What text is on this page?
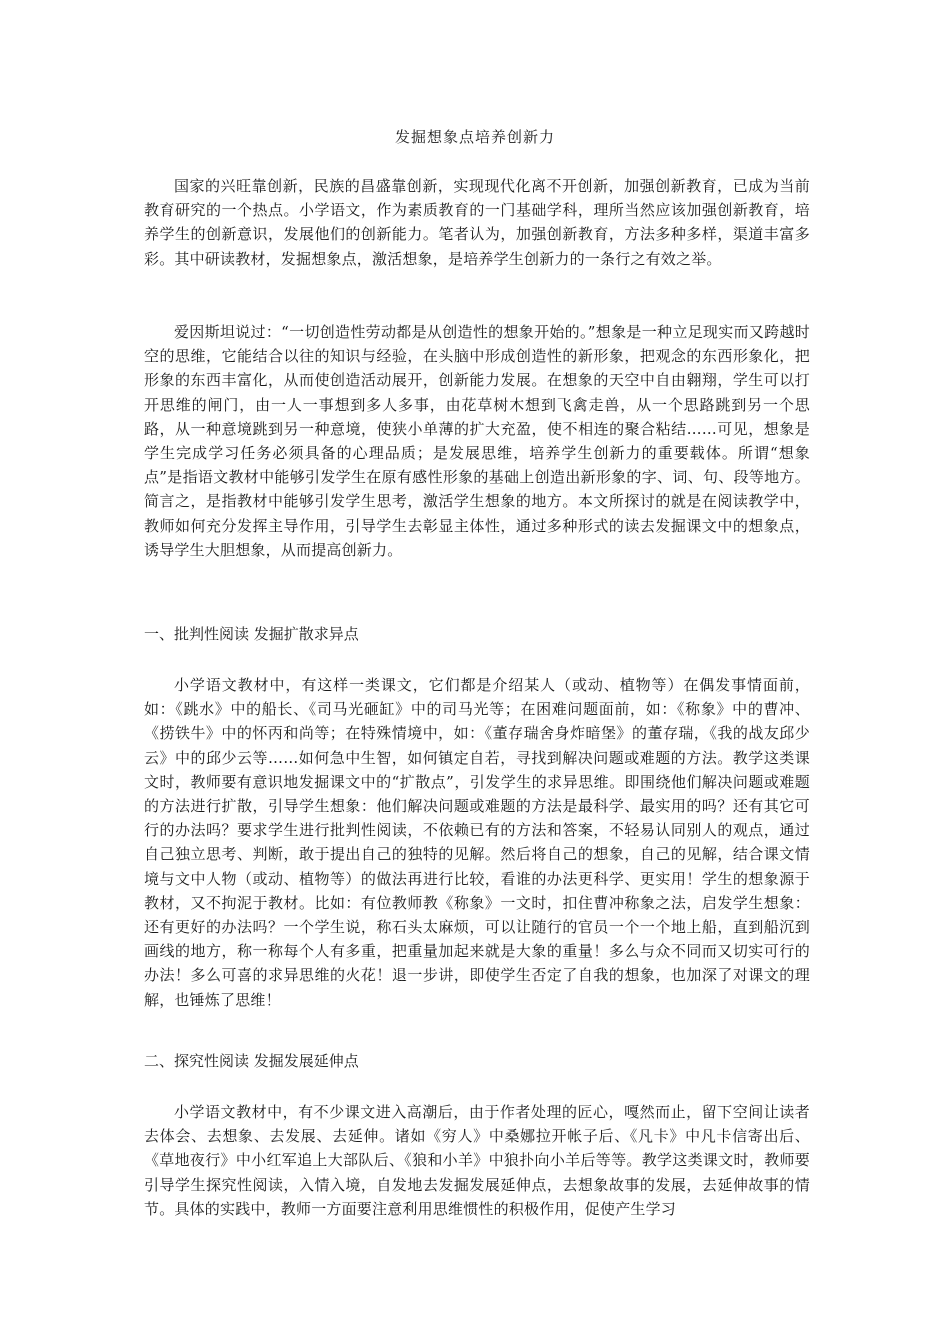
发掘想象点培养创新力

国家的兴旺靠创新，民族的昌盛靠创新，实现现代化离不开创新，加强创新教育，已成为当前教育研究的一个热点。小学语文，作为素质教育的一门基础学科，理所当然应该加强创新教育，培养学生的创新意识，发展他们的创新能力。笔者认为，加强创新教育，方法多种多样，渠道丰富多彩。其中研读教材，发掘想象点，激活想象，是培养学生创新力的一条行之有效之举。

爱因斯坦说过：“一切创造性劳动都是从创造性的想象开始的。”想象是一种立足现实而又跨越时空的思维，它能结合以往的知识与经验，在头脑中形成创造性的新形象，把观念的东西形象化，把形象的东西丰富化，从而使创造活动展开，创新能力发展。在想象的天空中自由翱翔，学生可以打开思维的闸门，由一人一事想到多人多事，由花草树木想到飞禽走兽，从一个思路跳到另一个思路，从一种意境跳到另一种意境，使狭小单薄的扩大充盈，使不相连的聚合粘结……可见，想象是学生完成学习任务必须具备的心理品质；是发展思维，培养学生创新力的重要载体。所谓“想象点”是指语文教材中能够引发学生在原有感性形象的基础上创造出新形象的字、词、句、段等地方。简言之，是指教材中能够引发学生思考，激活学生想象的地方。本文所探讨的就是在阅读教学中，教师如何充分发挥主导作用，引导学生去彰显主体性，通过多种形式的读去发掘课文中的想象点，诱导学生大胆想象，从而提高创新力。

一、批判性阅读 发掘扩散求异点

小学语文教材中，有这样一类课文，它们都是介绍某人（或动、植物等）在偶发事情面前，如：《跳水》中的船长、《司马光砸缸》中的司马光等；在困难问题面前，如：《称象》中的曹冲、《捞铁牛》中的怀丙和尚等；在特殊情境中，如：《董存瑞舍身炸暗堡》的董存瑞，《我的战友邱少云》中的邱少云等……如何急中生智，如何镇定自若，寻找到解决问题或难题的方法。教学这类课文时，教师要有意识地发掘课文中的“扩散点”，引发学生的求异思维。即围绕他们解决问题或难题的方法进行扩散，引导学生想象：他们解决问题或难题的方法是最科学、最实用的吗？还有其它可行的办法吗？要求学生进行批判性阅读，不依赖已有的方法和答案，不轻易认同别人的观点，通过自己独立思考、判断，敢于提出自己的独特的见解。然后将自己的想象，自己的见解，结合课文情境与文中人物（或动、植物等）的做法再进行比较，看谁的办法更科学、更实用！学生的想象源于教材，又不拘泥于教材。比如：有位教师教《称象》一文时，扣住曹冲称象之法，启发学生想象：还有更好的办法吗？一个学生说，称石头太麻烦，可以让随行的官员一个一个地上船，直到船沉到画线的地方，称一称每个人有多重，把重量加起来就是大象的重量！多么与众不同而又切实可行的办法！多么可喜的求异思维的火花！退一步讲，即使学生否定了自我的想象，也加深了对课文的理解，也锤炼了思维！

二、探究性阅读 发掘发展延伸点

小学语文教材中，有不少课文进入高潮后，由于作者处理的匠心，嘎然而止，留下空间让读者去体会、去想象、去发展、去延伸。诸如《穷人》中桑娜拉开帐子后、《凡卡》中凡卡信寄出后、《草地夜行》中小红军追上大部队后、《狼和小羊》中狼扑向小羊后等等。教学这类课文时，教师要引导学生探究性阅读，入情入境，自发地去发掘发展延伸点，去想象故事的发展，去延伸故事的情节。具体的实践中，教师一方面要注意利用思维惯性的积极作用，促使产生学习
